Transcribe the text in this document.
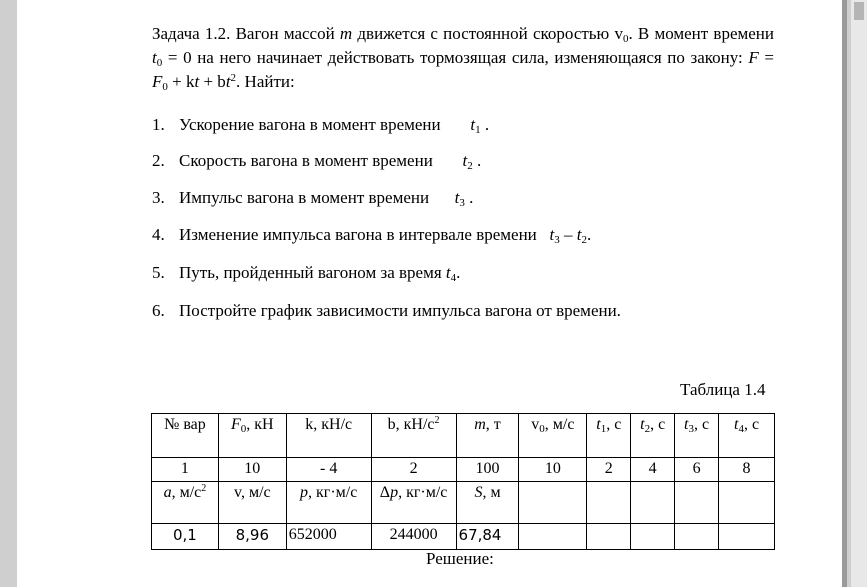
Задача 1.2. Вагон массой m движется с постоянной скоростью $v_0$. В момент времени $t_0 = 0$ на него начинает действовать тормозящая сила, изменяющаяся по закону: $F = F_0$ + kt + $bt^2$. Найти:
1. Ускорение вагона в момент времени $t_1$ .
2. Скорость вагона в момент времени $t_2$ .
3. Импульс вагона в момент времени $t_3$ .
4. Изменение импульса вагона в интервале времени $t_3 - t_2$.
5. Путь, пройденный вагоном за время $t_4$.
6. Постройте график зависимости импульса вагона от времени.
Таблица 1.4
№ вар	$F_0$, кН	k, кН/с	b, $кН/с^2$	m, т	$v_0$, м/с	$t_1$, с	$t_2$, с	$t_3$, с	$t_4$, с
1	10	- 4	2	100	10	2	4	6	8
a, $м/с^2$	v, м/с	p, кг·м/с	Δp, кг·м/с	S, м					
0,1	8,96	652000	244000	67,84					
Решение:
